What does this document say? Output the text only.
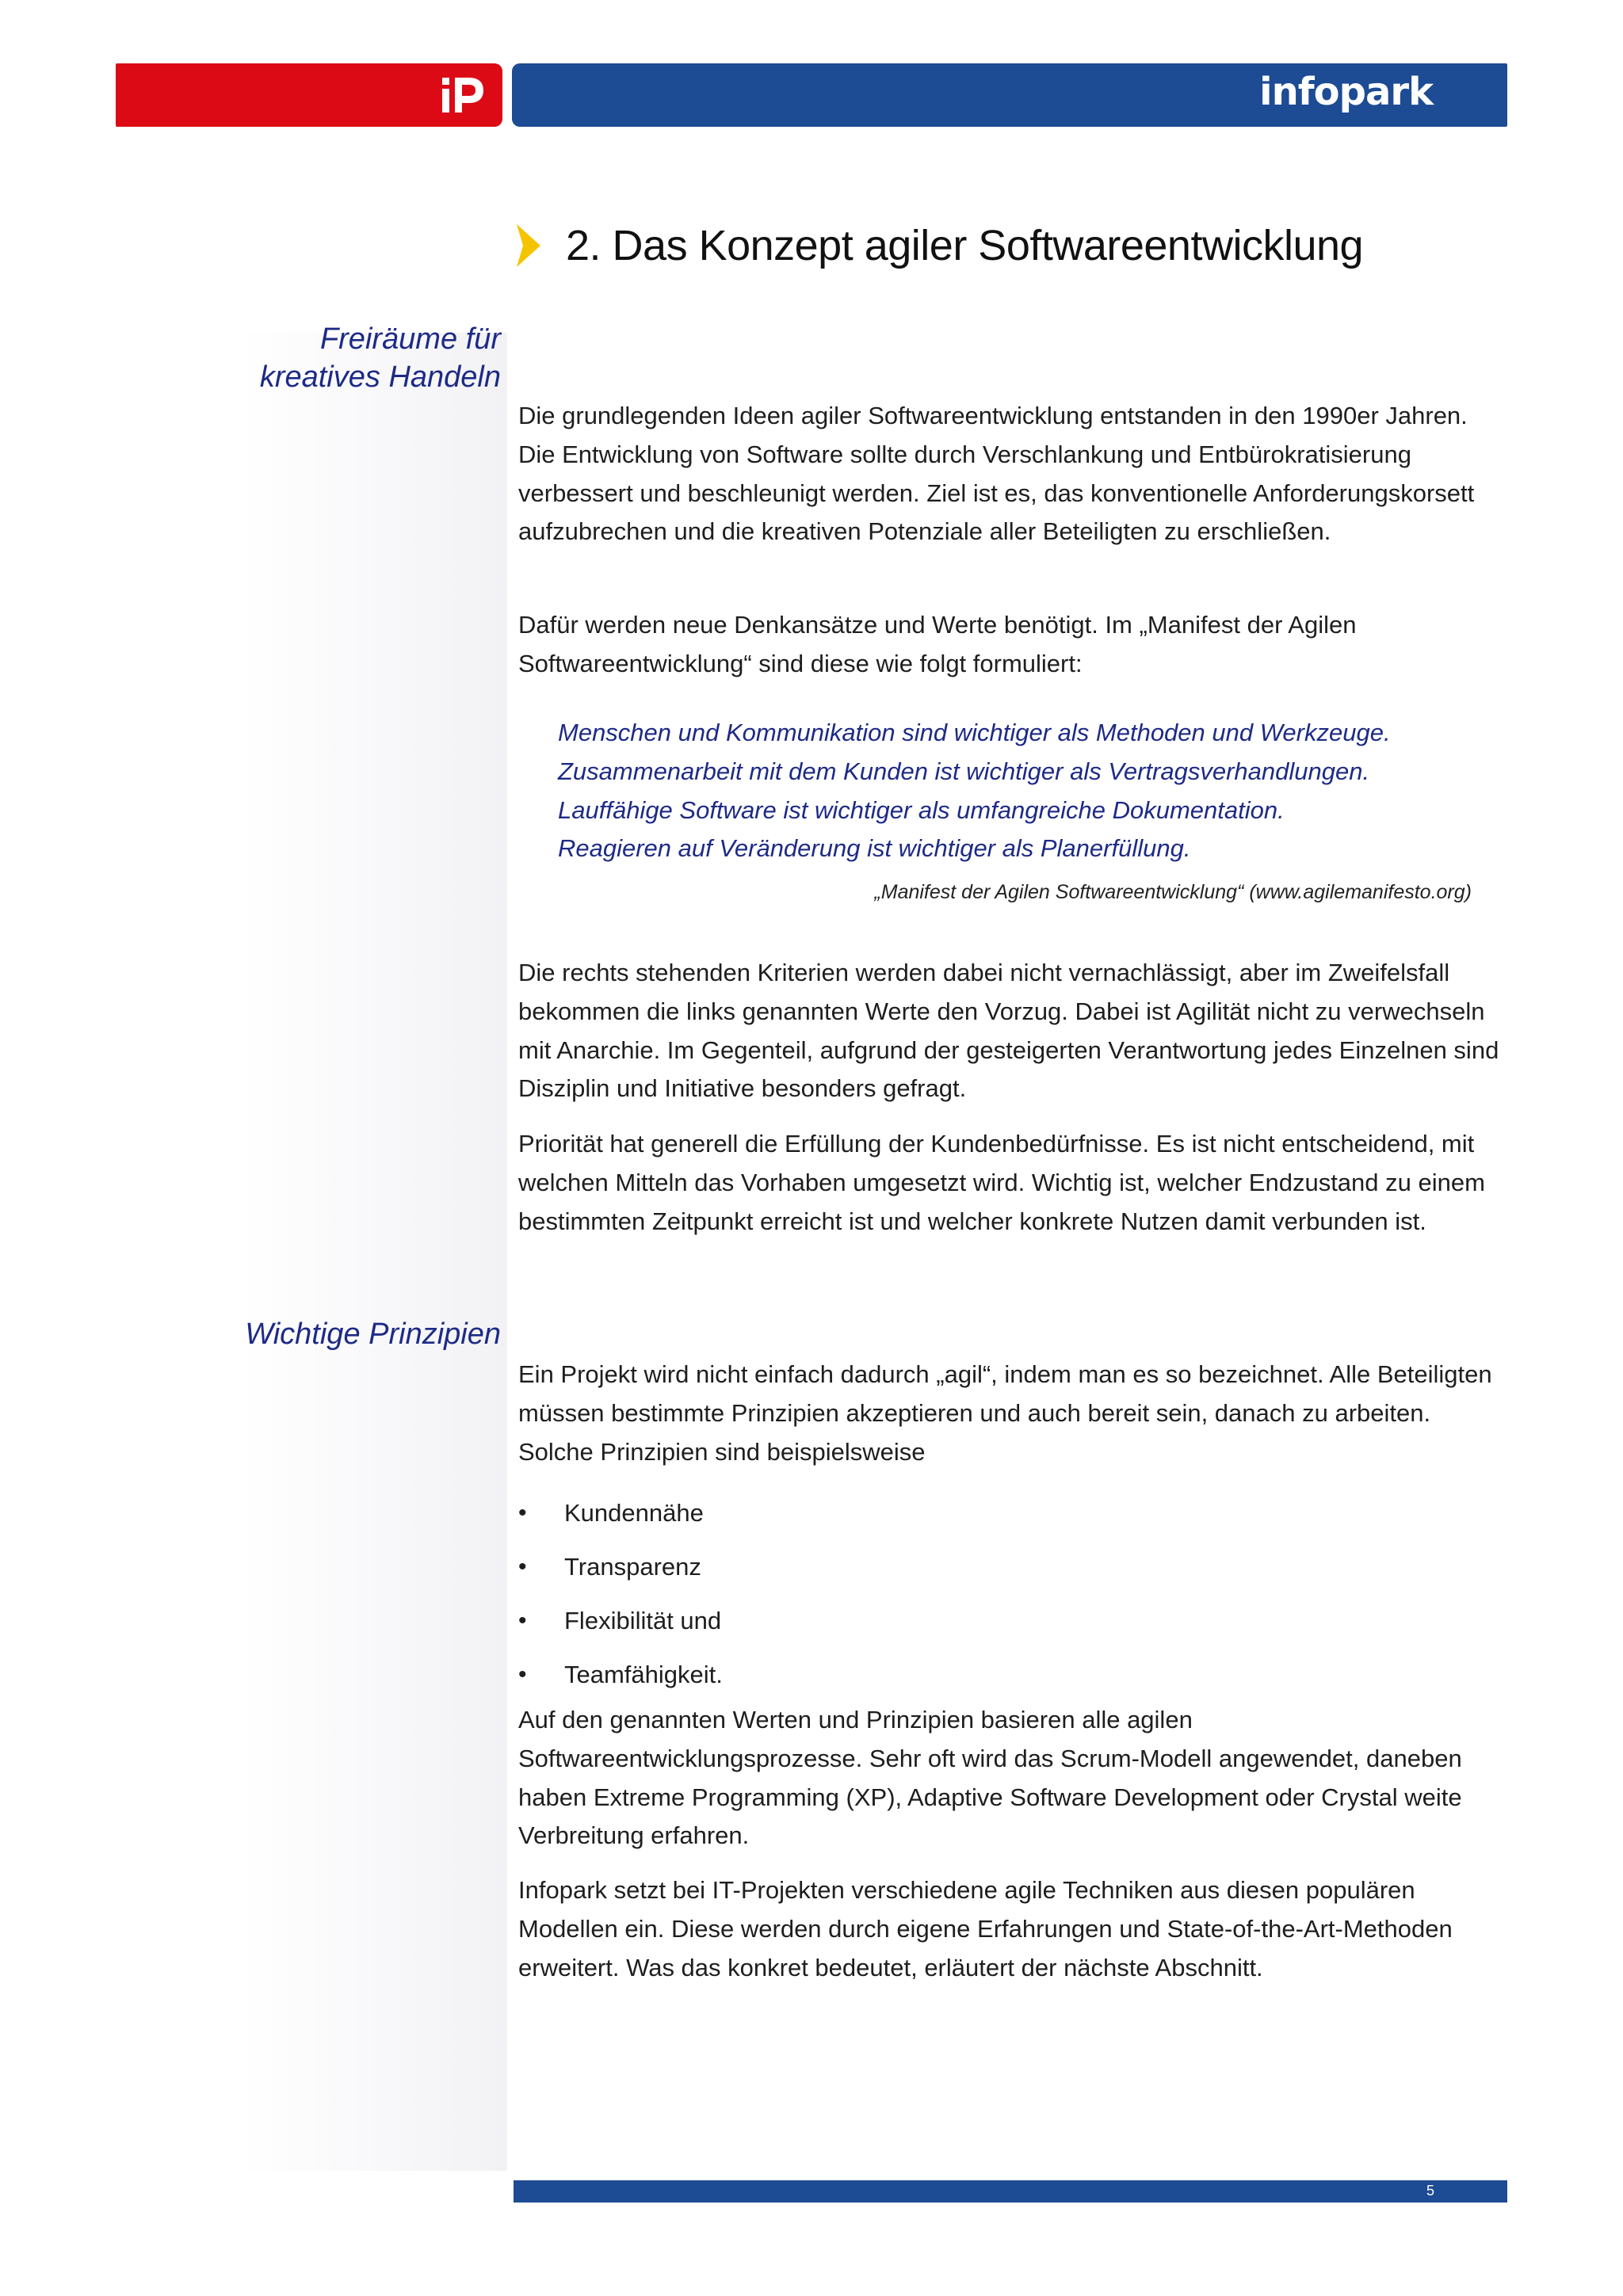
infopark
2. Das Konzept agiler Softwareentwicklung
Freiräume für
kreatives Handeln
Wichtige Prinzipien

Die grundlegenden Ideen agiler Softwareentwicklung entstanden in den 1990er Jahren. Die Entwicklung von Software sollte durch Verschlankung und Entbürokratisierung verbessert und beschleunigt werden. Ziel ist es, das konventionelle Anforderungskorsett aufzubrechen und die kreativen Potenziale aller Beteiligten zu erschließen.

Dafür werden neue Denkansätze und Werte benötigt. Im „Manifest der Agilen Softwareentwicklung“ sind diese wie folgt formuliert:

Menschen und Kommunikation sind wichtiger als Methoden und Werkzeuge.
Zusammenarbeit mit dem Kunden ist wichtiger als Vertragsverhandlungen.
Lauffähige Software ist wichtiger als umfangreiche Dokumentation.
Reagieren auf Veränderung ist wichtiger als Planerfüllung.
„Manifest der Agilen Softwareentwicklung“ (www.agilemanifesto.org)

Die rechts stehenden Kriterien werden dabei nicht vernachlässigt, aber im Zweifelsfall bekommen die links genannten Werte den Vorzug. Dabei ist Agilität nicht zu verwechseln mit Anarchie. Im Gegenteil, aufgrund der gesteigerten Verantwortung jedes Einzelnen sind Disziplin und Initiative besonders gefragt.

Priorität hat generell die Erfüllung der Kundenbedürfnisse. Es ist nicht entscheidend, mit welchen Mitteln das Vorhaben umgesetzt wird. Wichtig ist, welcher Endzustand zu einem bestimmten Zeitpunkt erreicht ist und welcher konkrete Nutzen damit verbunden ist.

Ein Projekt wird nicht einfach dadurch „agil“, indem man es so bezeichnet. Alle Beteiligten müssen bestimmte Prinzipien akzeptieren und auch bereit sein, danach zu arbeiten. Solche Prinzipien sind beispielsweise

•	Kundennähe
•	Transparenz
•	Flexibilität und
•	Teamfähigkeit.

Auf den genannten Werten und Prinzipien basieren alle agilen Softwareentwicklungsprozesse. Sehr oft wird das Scrum-Modell angewendet, daneben haben Extreme Programming (XP), Adaptive Software Development oder Crystal weite Verbreitung erfahren.

Infopark setzt bei IT-Projekten verschiedene agile Techniken aus diesen populären Modellen ein. Diese werden durch eigene Erfahrungen und State-of-the-Art-Methoden erweitert. Was das konkret bedeutet, erläutert der nächste Abschnitt.

5
